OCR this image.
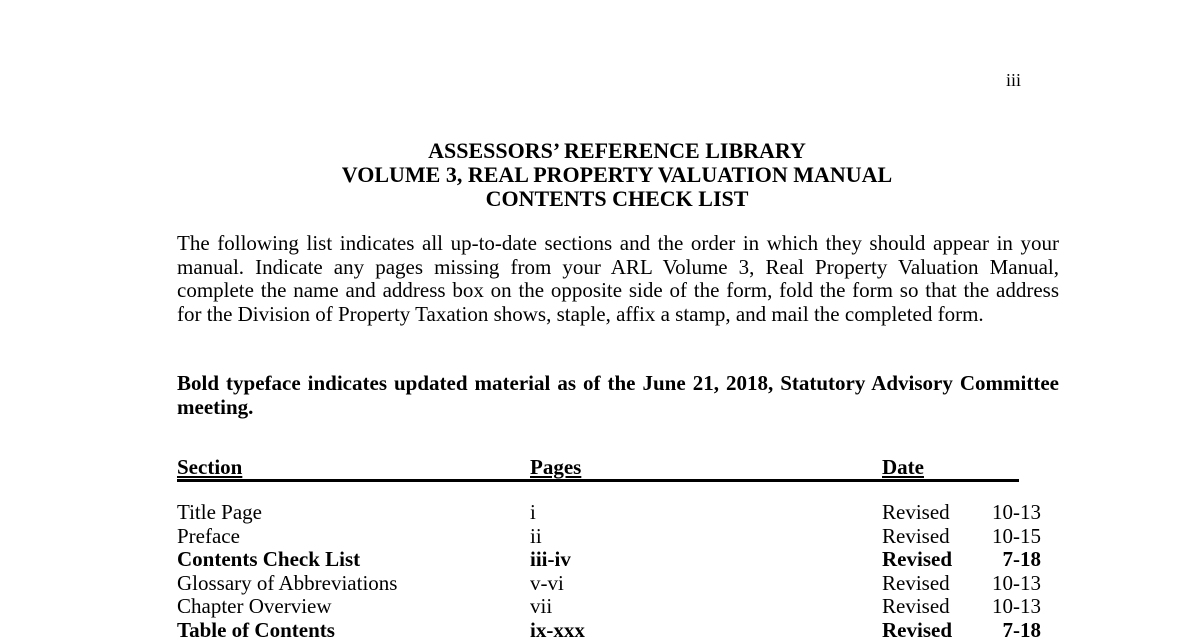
iii
ASSESSORS’ REFERENCE LIBRARY
VOLUME 3, REAL PROPERTY VALUATION MANUAL
CONTENTS CHECK LIST
The following list indicates all up-to-date sections and the order in which they should appear in your manual. Indicate any pages missing from your ARL Volume 3, Real Property Valuation Manual, complete the name and address box on the opposite side of the form, fold the form so that the address for the Division of Property Taxation shows, staple, affix a stamp, and mail the completed form.
Bold typeface indicates updated material as of the June 21, 2018, Statutory Advisory Committee meeting.
Section	Pages	Date
Title Page	i	Revised	10-13
Preface	ii	Revised	10-15
Contents Check List	iii-iv	Revised	7-18
Glossary of Abbreviations	v-vi	Revised	10-13
Chapter Overview	vii	Revised	10-13
Table of Contents	ix-xxx	Revised	7-18
